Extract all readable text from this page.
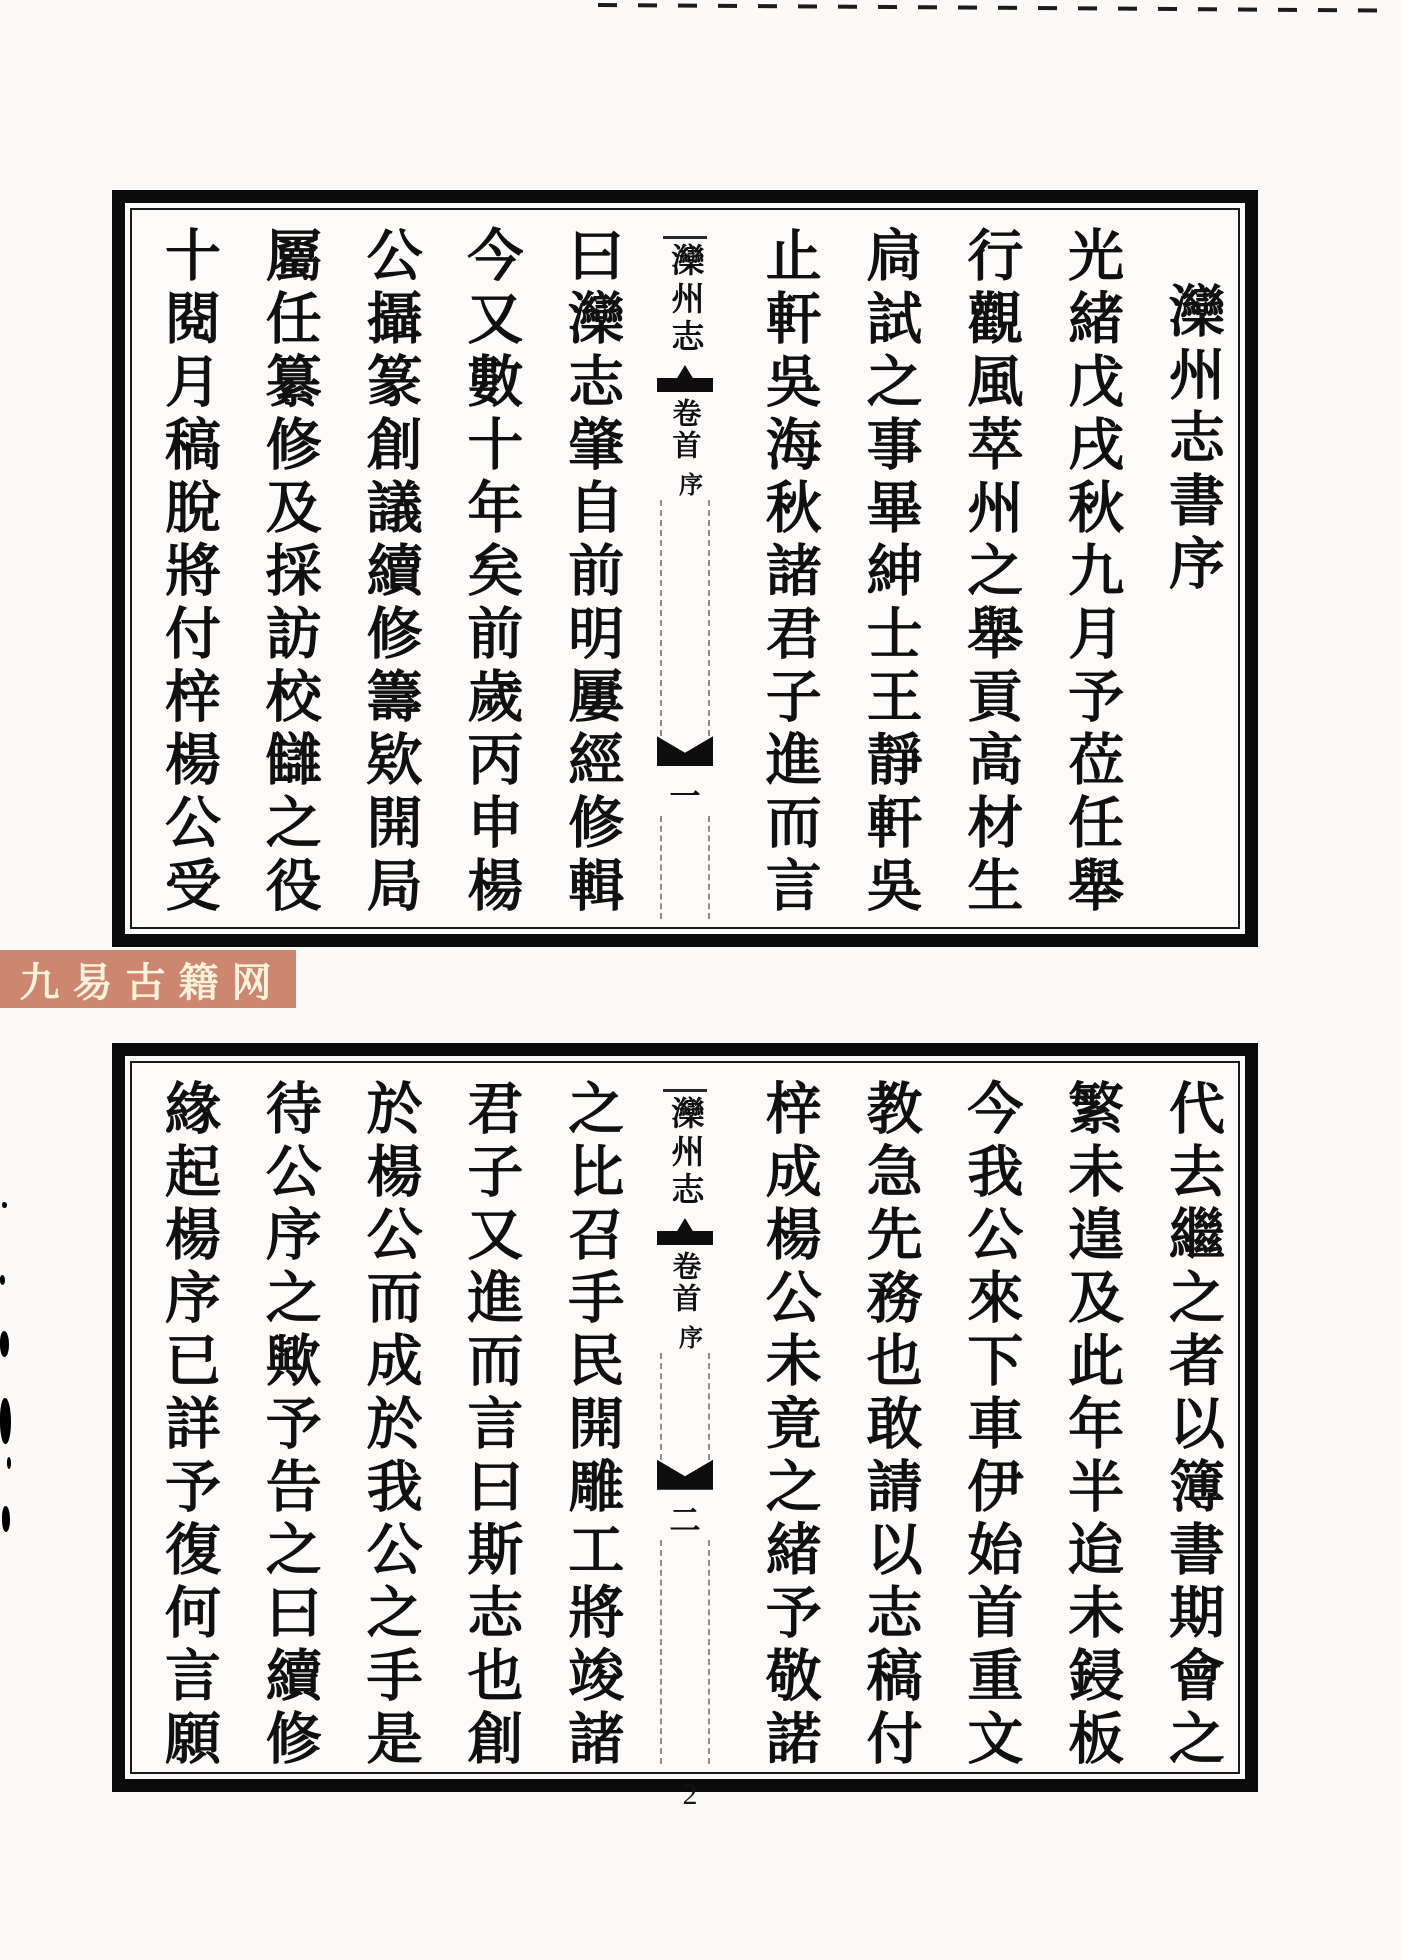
灤州志書序
光緒戊戌秋九月予莅任舉
行觀風萃州之舉貢高材生
扃試之事畢紳士王靜軒吳
止軒吳海秋諸君子進而言
灤州志
卷首
序
一
曰灤志肇自前明屢經修輯
今又數十年矣前歲丙申楊
公攝篆創議續修籌欵開局
屬任纂修及採訪校讎之役
十閱月稿脫將付梓楊公受
九易古籍网
代去繼之者以簿書期會之
繁未遑及此年半迨未鋟板
今我公來下車伊始首重文
教急先務也敢請以志稿付
梓成楊公未竟之緒予敬諾
灤州志
卷首
序
二
之比召手民開雕工將竣諸
君子又進而言曰斯志也創
於楊公而成於我公之手是
待公序之歟予告之曰續修
緣起楊序已詳予復何言願
2
